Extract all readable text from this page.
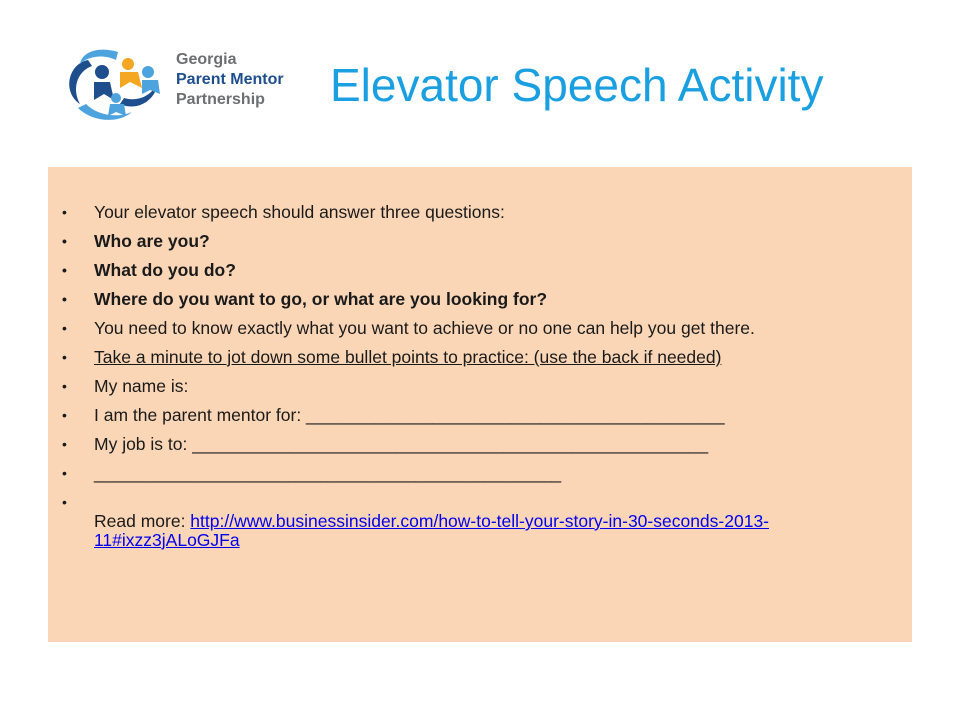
Georgia
Parent Mentor
Partnership	Elevator Speech Activity
• Your elevator speech should answer three questions:
• Who are you?
• What do you do?
• Where do you want to go, or what are you looking for?
• You need to know exactly what you want to achieve or no one can help you get there.
• Take a minute to jot down some bullet points to practice: (use the back if needed)
• My name is:
• I am the parent mentor for: ___________________________________________
• My job is to: _____________________________________________________
• ________________________________________________
•

Read more: http://www.businessinsider.com/how-to-tell-your-story-in-30-seconds-2013-11#ixzz3jALoGJFa
